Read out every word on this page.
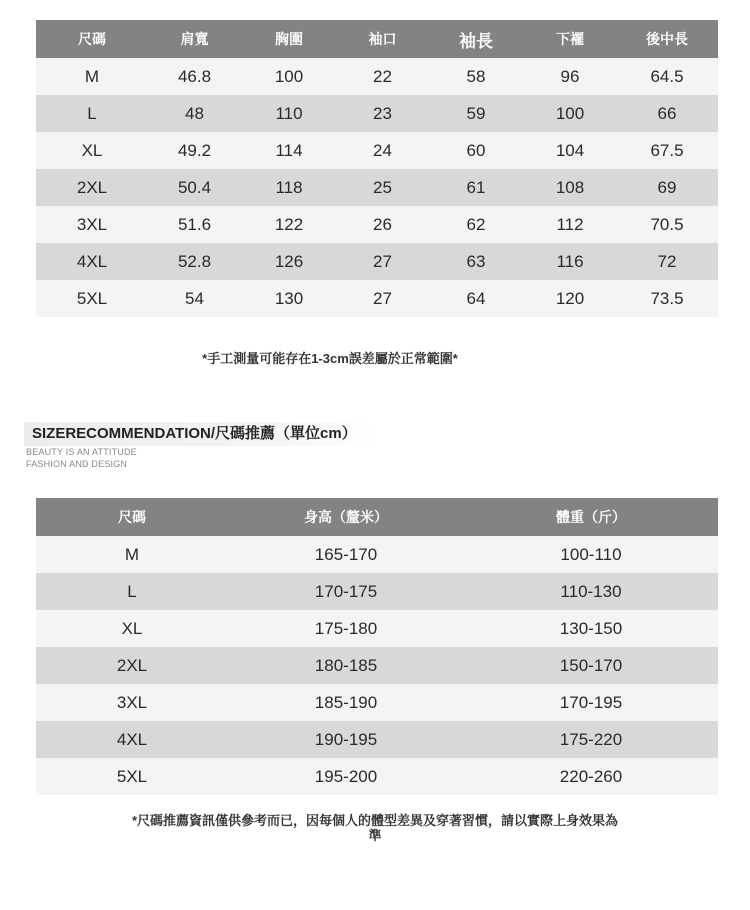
尺碼	肩寬	胸圍	袖口	袖長	下襬	後中長
M	46.8	100	22	58	96	64.5
L	48	110	23	59	100	66
XL	49.2	114	24	60	104	67.5
2XL	50.4	118	25	61	108	69
3XL	51.6	122	26	62	112	70.5
4XL	52.8	126	27	63	116	72
5XL	54	130	27	64	120	73.5
*手工測量可能存在1-3cm誤差屬於正常範圍*
SIZERECOMMENDATION/尺碼推薦（單位cm）
BEAUTY IS AN ATTITUDE
FASHION AND DESIGN
尺碼	身高（釐米）	體重（斤）
M	165-170	100-110
L	170-175	110-130
XL	175-180	130-150
2XL	180-185	150-170
3XL	185-190	170-195
4XL	190-195	175-220
5XL	195-200	220-260
*尺碼推薦資訊僅供參考而已，因每個人的體型差異及穿著習慣，請以實際上身效果為
準
